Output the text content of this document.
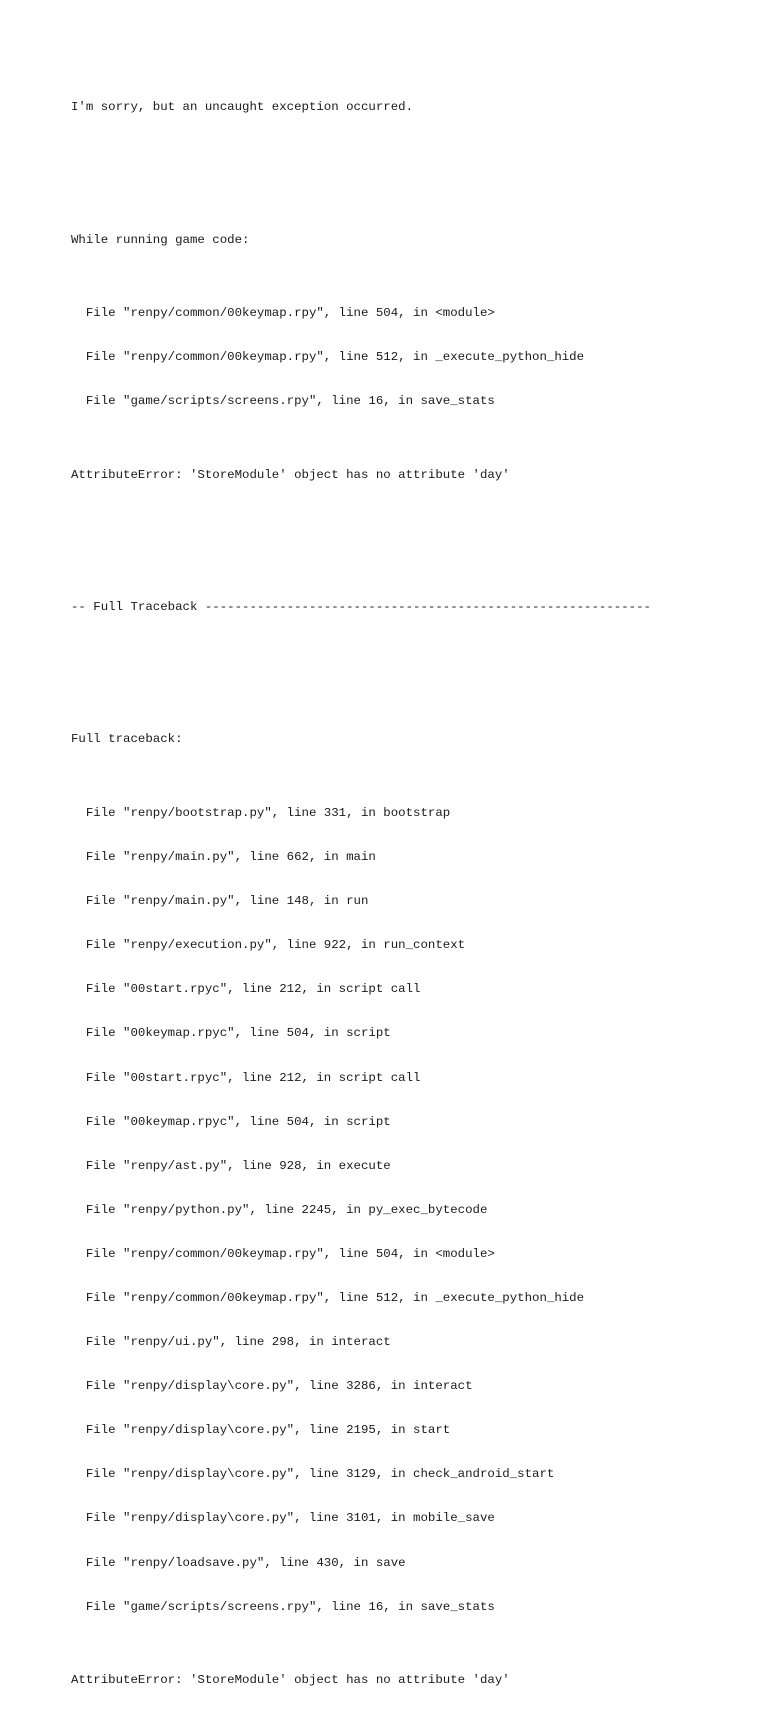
I'm sorry, but an uncaught exception occurred.

While running game code:

File "renpy/common/00keymap.rpy", line 504, in <module>

File "renpy/common/00keymap.rpy", line 512, in _execute_python_hide

File "game/scripts/screens.rpy", line 16, in save_stats

AttributeError: 'StoreModule' object has no attribute 'day'

-- Full Traceback ------------------------------------------------------------

Full traceback:

File "renpy/bootstrap.py", line 331, in bootstrap

File "renpy/main.py", line 662, in main

File "renpy/main.py", line 148, in run

File "renpy/execution.py", line 922, in run_context

File "00start.rpyc", line 212, in script call

File "00keymap.rpyc", line 504, in script

File "00start.rpyc", line 212, in script call

File "00keymap.rpyc", line 504, in script

File "renpy/ast.py", line 928, in execute

File "renpy/python.py", line 2245, in py_exec_bytecode

File "renpy/common/00keymap.rpy", line 504, in <module>

File "renpy/common/00keymap.rpy", line 512, in _execute_python_hide

File "renpy/ui.py", line 298, in interact

File "renpy/display\core.py", line 3286, in interact

File "renpy/display\core.py", line 2195, in start

File "renpy/display\core.py", line 3129, in check_android_start

File "renpy/display\core.py", line 3101, in mobile_save

File "renpy/loadsave.py", line 430, in save

File "game/scripts/screens.rpy", line 16, in save_stats

AttributeError: 'StoreModule' object has no attribute 'day'
